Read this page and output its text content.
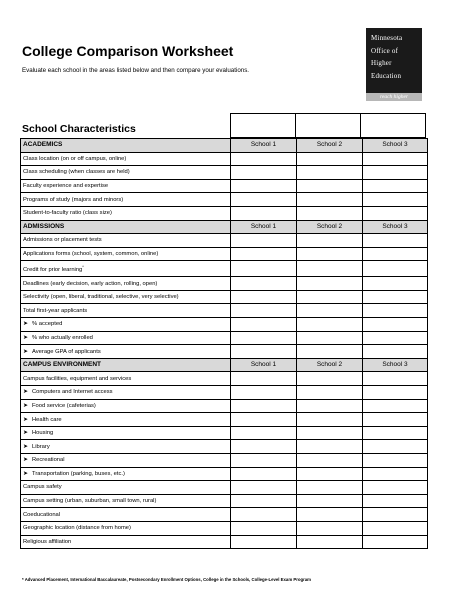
College Comparison Worksheet
Evaluate each school in the areas listed below and then compare your evaluations.
Minnesota
Office of
Higher
Education
reach higher
School Characteristics
ACADEMICS	School 1	School 2	School 3
Class location (on or off campus, online)			
Class scheduling (when classes are held)			
Faculty experience and expertise			
Programs of study (majors and minors)			
Student-to-faculty ratio (class size)			
ADMISSIONS	School 1	School 2	School 3
Admissions or placement tests			
Applications forms (school, system, common, online)			
Credit for prior learning*			
Deadlines (early decision, early action, rolling, open)			
Selectivity (open, liberal, traditional, selective, very selective)			
Total first-year applicants			
➤ % accepted			
➤ % who actually enrolled			
➤ Average GPA of applicants			
CAMPUS ENVIRONMENT	School 1	School 2	School 3
Campus facilities, equipment and services			
➤ Computers and Internet access			
➤ Food service (cafeterias)			
➤ Health care			
➤ Housing			
➤ Library			
➤ Recreational			
➤ Transportation (parking, buses, etc.)			
Campus safety			
Campus setting (urban, suburban, small town, rural)			
Coeducational			
Geographic location (distance from home)			
Religious affiliation			
* Advanced Placement, International Baccalaureate, Postsecondary Enrollment Options, College in the Schools, College-Level Exam Program
